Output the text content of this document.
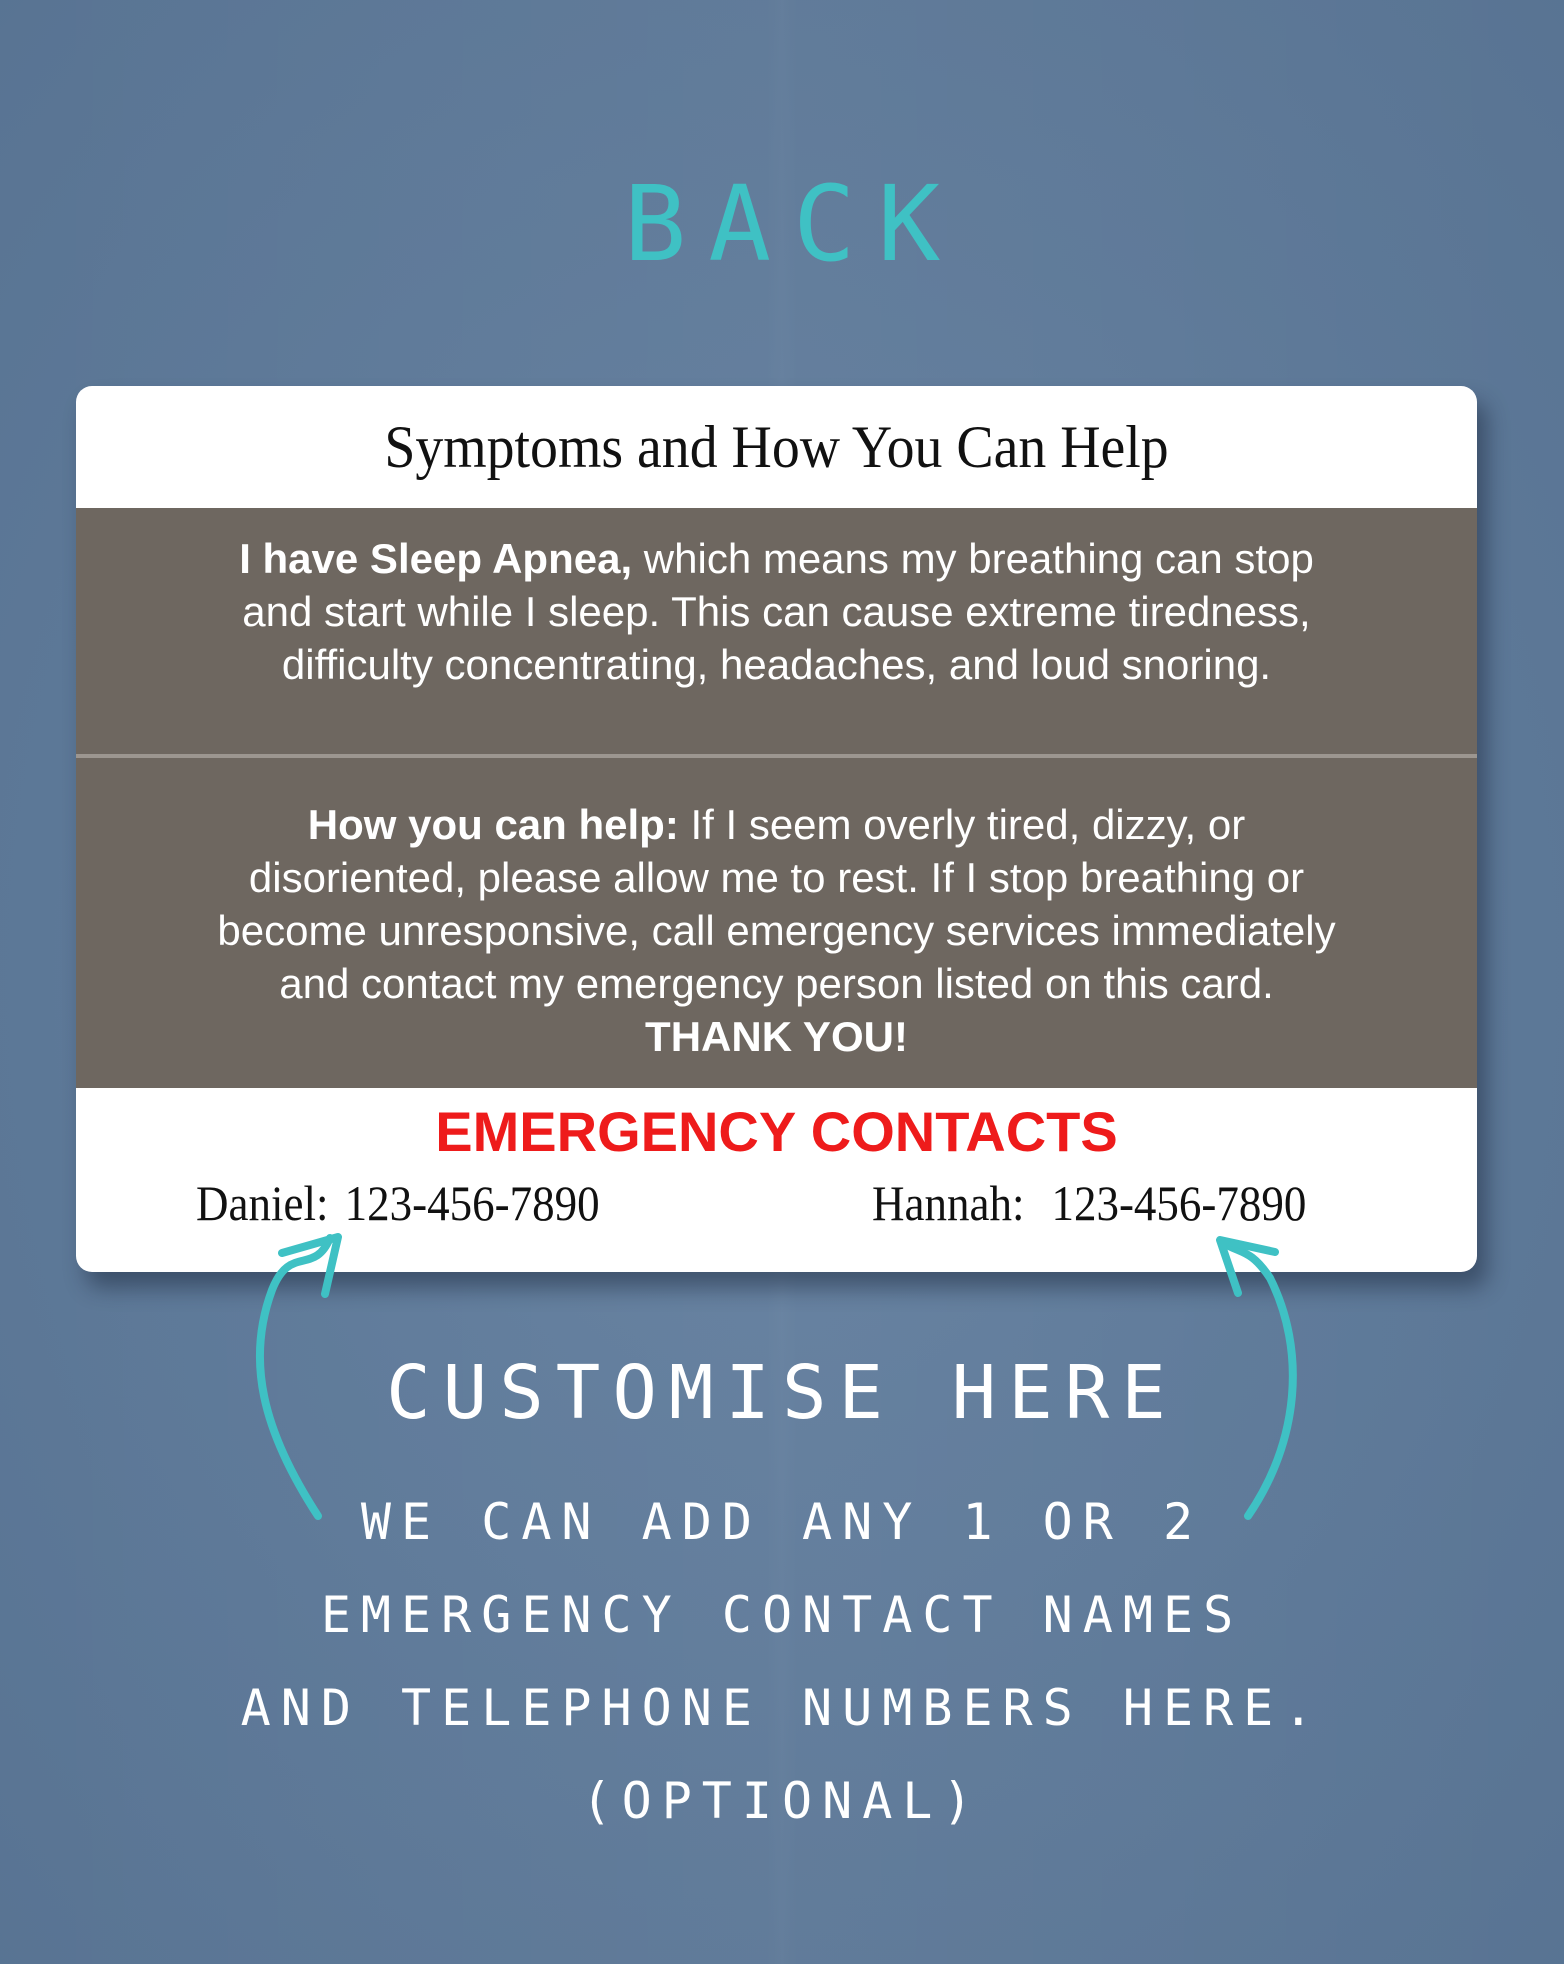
BACK
Symptoms and How You Can Help
I have Sleep Apnea, which means my breathing can stop
and start while I sleep. This can cause extreme tiredness,
difficulty concentrating, headaches, and loud snoring.
How you can help: If I seem overly tired, dizzy, or
disoriented, please allow me to rest. If I stop breathing or
become unresponsive, call emergency services immediately
and contact my emergency person listed on this card.
THANK YOU!
EMERGENCY CONTACTS
Daniel: 123-456-7890	Hannah: 123-456-7890
CUSTOMISE HERE
WE CAN ADD ANY 1 OR 2
EMERGENCY CONTACT NAMES
AND TELEPHONE NUMBERS HERE.
(OPTIONAL)
